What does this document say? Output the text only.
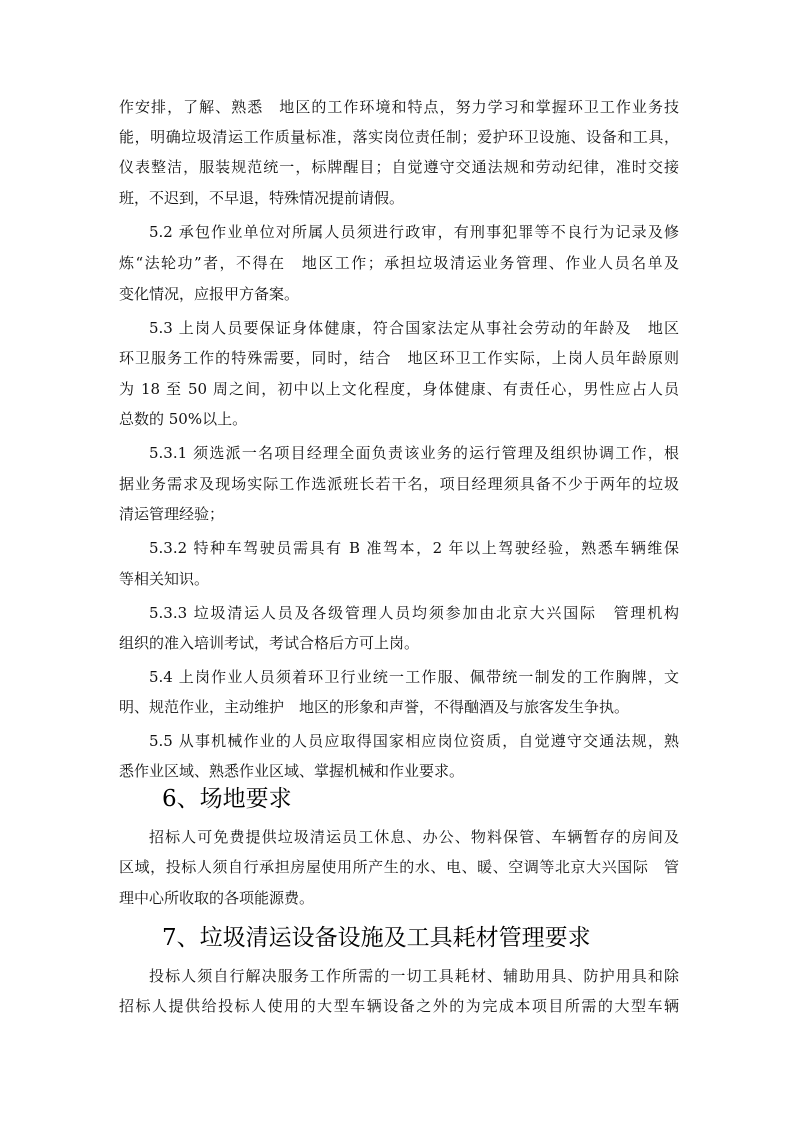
作安排，了解、熟悉　地区的工作环境和特点，努力学习和掌握环卫工作业务技
能，明确垃圾清运工作质量标准，落实岗位责任制；爱护环卫设施、设备和工具，
仪表整洁，服装规范统一，标牌醒目；自觉遵守交通法规和劳动纪律，准时交接
班，不迟到，不早退，特殊情况提前请假。
5.2 承包作业单位对所属人员须进行政审，有刑事犯罪等不良行为记录及修
炼“法轮功”者，不得在　地区工作；承担垃圾清运业务管理、作业人员名单及
变化情况，应报甲方备案。
5.3 上岗人员要保证身体健康，符合国家法定从事社会劳动的年龄及　地区
环卫服务工作的特殊需要，同时，结合　地区环卫工作实际，上岗人员年龄原则
为 18 至 50 周之间，初中以上文化程度，身体健康、有责任心，男性应占人员
总数的 50%以上。
5.3.1 须选派一名项目经理全面负责该业务的运行管理及组织协调工作，根
据业务需求及现场实际工作选派班长若干名，项目经理须具备不少于两年的垃圾
清运管理经验；
5.3.2 特种车驾驶员需具有 B 准驾本，2 年以上驾驶经验，熟悉车辆维保
等相关知识。
5.3.3 垃圾清运人员及各级管理人员均须参加由北京大兴国际　管理机构
组织的准入培训考试，考试合格后方可上岗。
5.4 上岗作业人员须着环卫行业统一工作服、佩带统一制发的工作胸牌，文
明、规范作业，主动维护　地区的形象和声誉，不得酗酒及与旅客发生争执。
5.5 从事机械作业的人员应取得国家相应岗位资质，自觉遵守交通法规，熟
悉作业区域、熟悉作业区域、掌握机械和作业要求。
6、场地要求
招标人可免费提供垃圾清运员工休息、办公、物料保管、车辆暂存的房间及
区域，投标人须自行承担房屋使用所产生的水、电、暖、空调等北京大兴国际　管
理中心所收取的各项能源费。
7、垃圾清运设备设施及工具耗材管理要求
投标人须自行解决服务工作所需的一切工具耗材、辅助用具、防护用具和除
招标人提供给投标人使用的大型车辆设备之外的为完成本项目所需的大型车辆
